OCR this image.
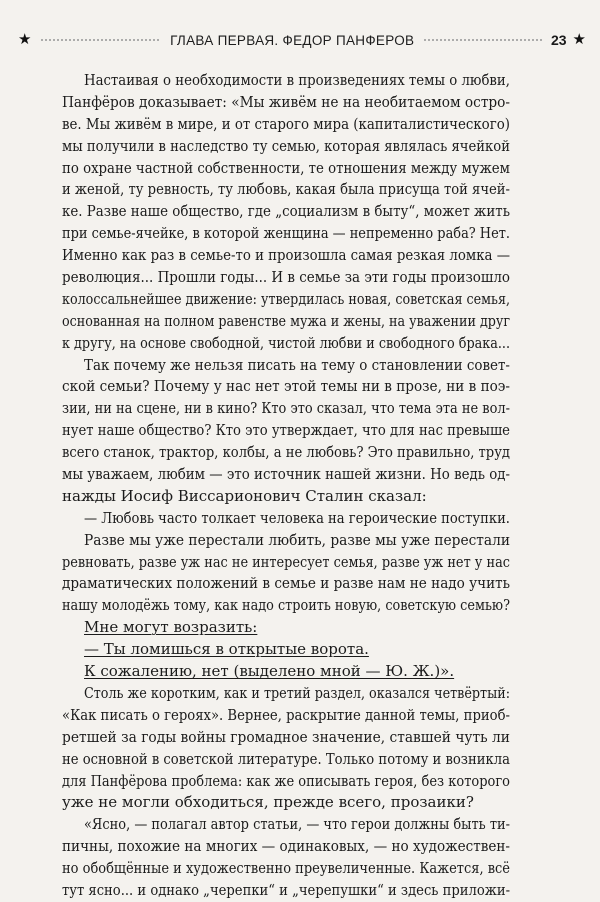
★	ГЛАВА ПЕРВАЯ. ФЕДОР ПАНФЕРОВ	23 ★
Настаивая о необходимости в произведениях темы о любви,
Панфёров доказывает: «Мы живём не на необитаемом остро-
ве. Мы живём в мире, и от старого мира (капиталистического)
мы получили в наследство ту семью, которая являлась ячейкой
по охране частной собственности, те отношения между мужем
и женой, ту ревность, ту любовь, какая была присуща той ячей-
ке. Разве наше общество, где „социализм в быту“, может жить
при семье-ячейке, в которой женщина — непременно раба? Нет.
Именно как раз в семье-то и произошла самая резкая ломка —
революция... Прошли годы... И в семье за эти годы произошло
колоссальнейшее движение: утвердилась новая, советская семья,
основанная на полном равенстве мужа и жены, на уважении друг
к другу, на основе свободной, чистой любви и свободного брака...
Так почему же нельзя писать на тему о становлении совет-
ской семьи? Почему у нас нет этой темы ни в прозе, ни в поэ-
зии, ни на сцене, ни в кино? Кто это сказал, что тема эта не вол-
нует наше общество? Кто это утверждает, что для нас превыше
всего станок, трактор, колбы, а не любовь? Это правильно, труд
мы уважаем, любим — это источник нашей жизни. Но ведь од-
нажды Иосиф Виссарионович Сталин сказал:
— Любовь часто толкает человека на героические поступки.
Разве мы уже перестали любить, разве мы уже перестали
ревновать, разве уж нас не интересует семья, разве уж нет у нас
драматических положений в семье и разве нам не надо учить
нашу молодёжь тому, как надо строить новую, советскую семью?
Мне могут возразить:
— Ты ломишься в открытые ворота.
К сожалению, нет (выделено мной — Ю. Ж.)».
Столь же коротким, как и третий раздел, оказался четвёртый:
«Как писать о героях». Вернее, раскрытие данной темы, приоб-
ретшей за годы войны громадное значение, ставшей чуть ли
не основной в советской литературе. Только потому и возникла
для Панфёрова проблема: как же описывать героя, без которого
уже не могли обходиться, прежде всего, прозаики?
«Ясно, — полагал автор статьи, — что герои должны быть ти-
пичны, похожие на многих — одинаковых, — но художествен-
но обобщённые и художественно преувеличенные. Кажется, всё
тут ясно... и однако „черепки“ и „черепушки“ и здесь приложи-
